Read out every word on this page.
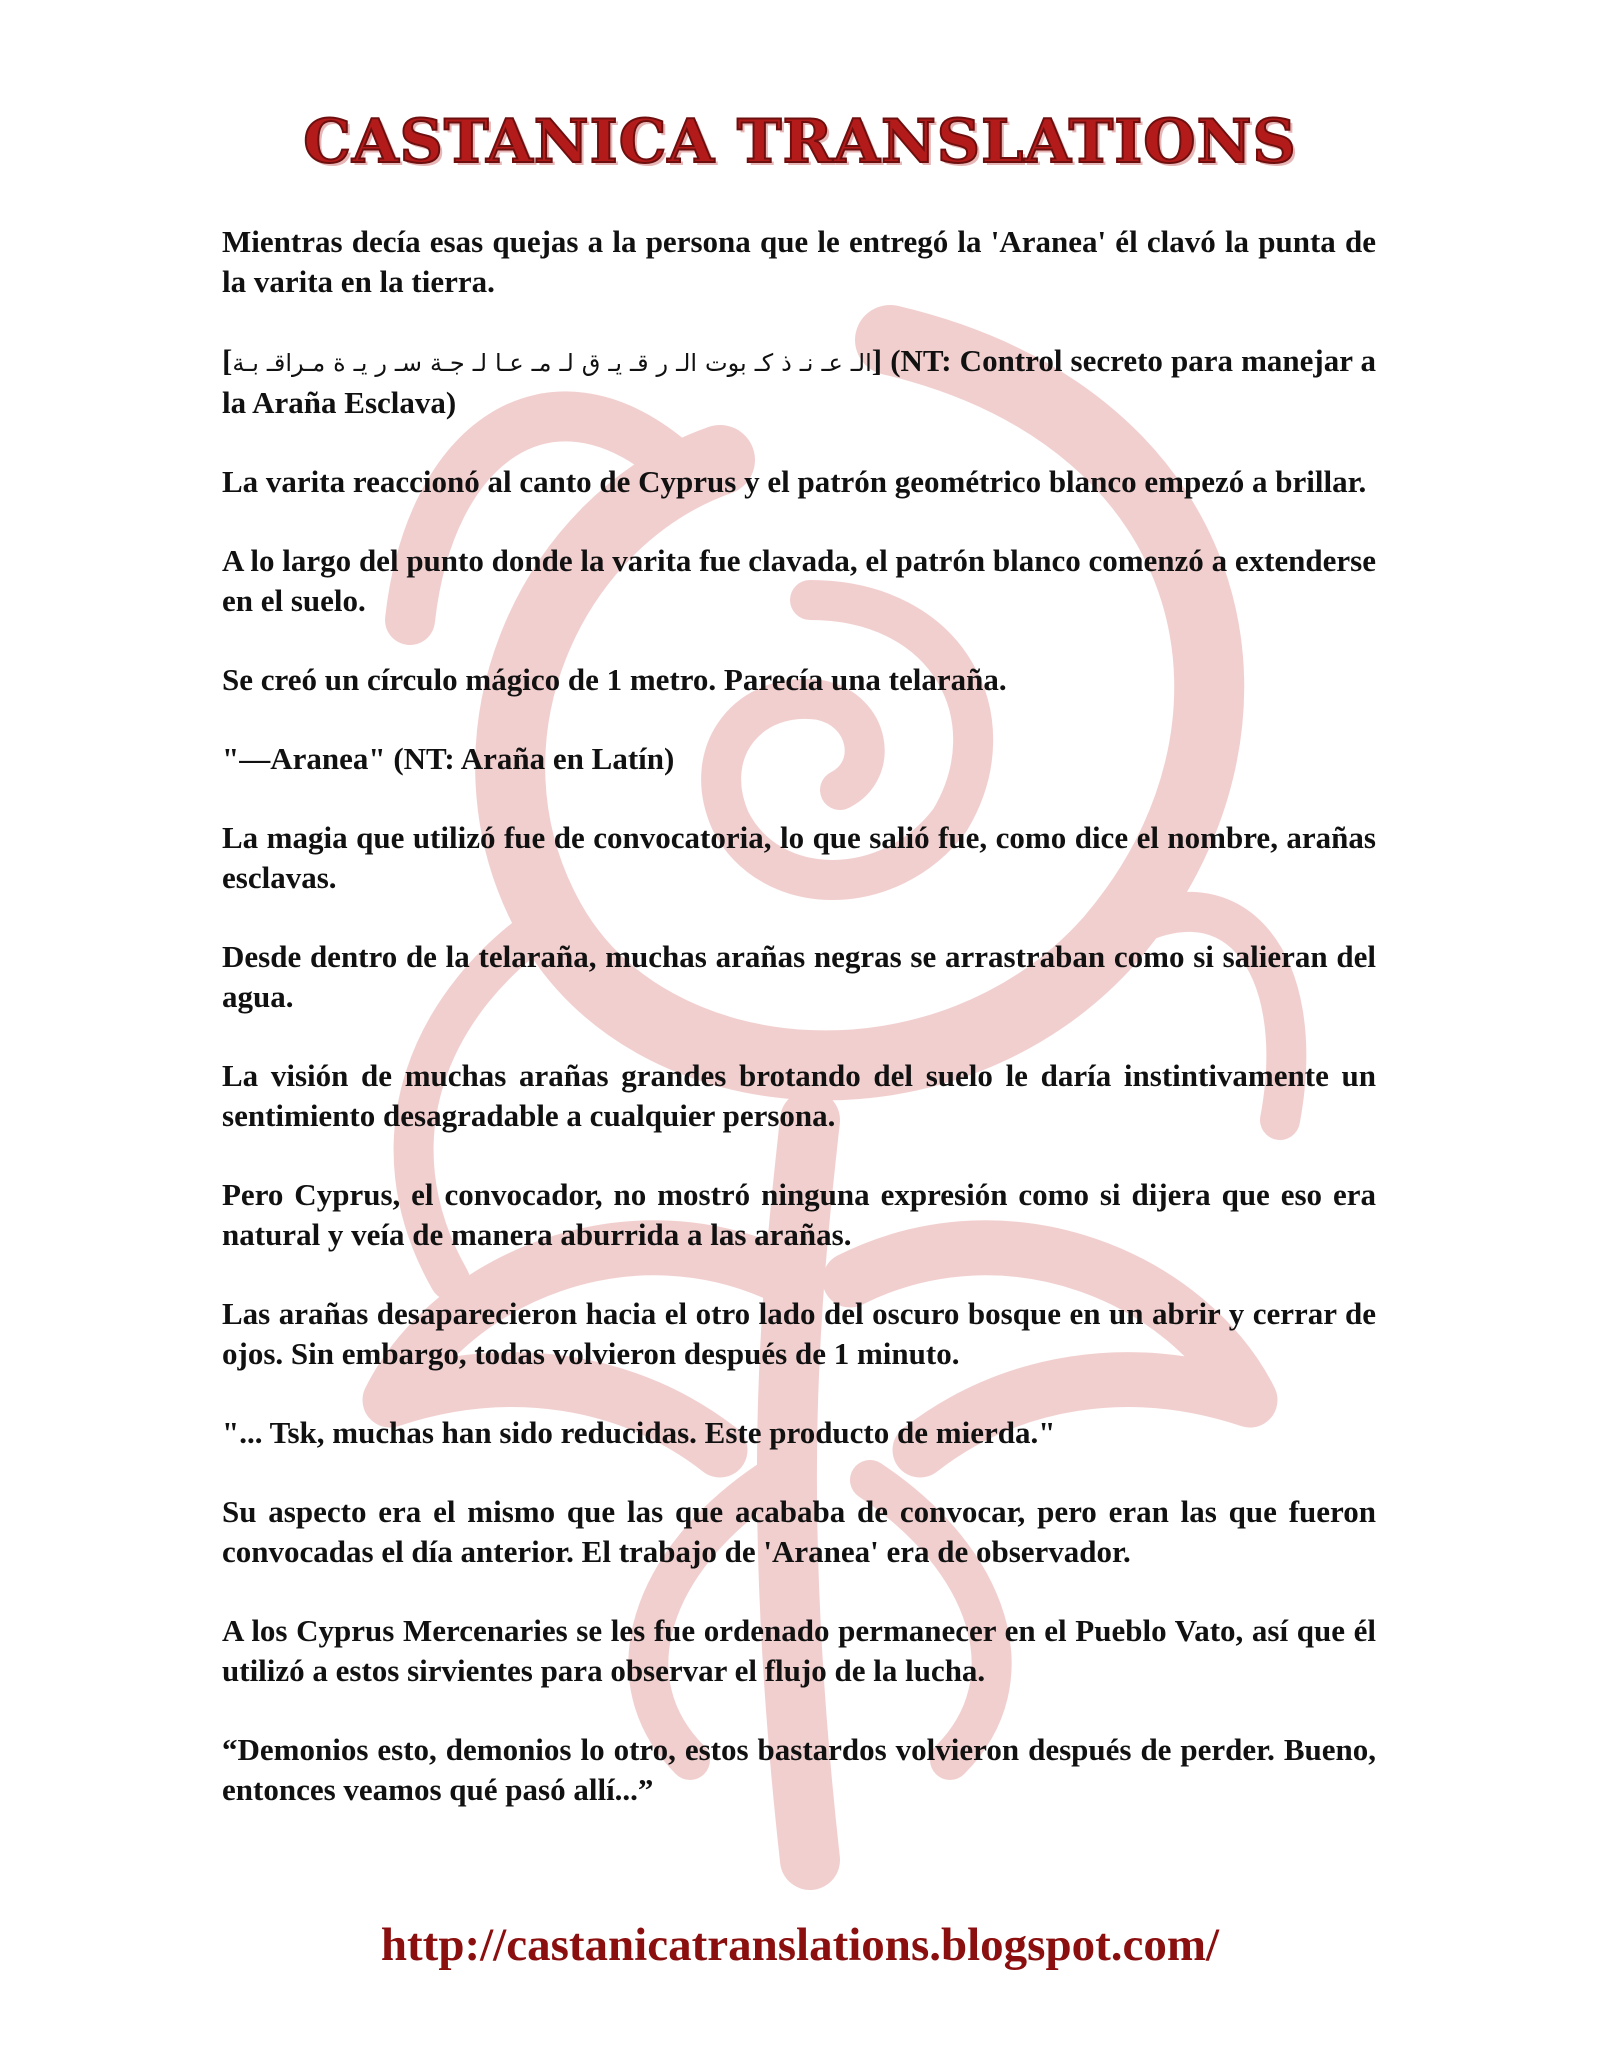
CASTANICA TRANSLATIONS

Mientras decía esas quejas a la persona que le entregó la 'Aranea' él clavó la punta de la varita en la tierra.

[الـ عـ نـ ذ كـ بوت الـ ر قـ يـ ق لـ مـ عـا لـ جـة سـ ر يـ ة مـراقـ بـة] (NT: Control secreto para manejar a la Araña Esclava)

La varita reaccionó al canto de Cyprus y el patrón geométrico blanco empezó a brillar.

A lo largo del punto donde la varita fue clavada, el patrón blanco comenzó a extenderse en el suelo.

Se creó un círculo mágico de 1 metro. Parecía una telaraña.

"—Aranea" (NT: Araña en Latín)

La magia que utilizó fue de convocatoria, lo que salió fue, como dice el nombre, arañas esclavas.

Desde dentro de la telaraña, muchas arañas negras se arrastraban como si salieran del agua.

La visión de muchas arañas grandes brotando del suelo le daría instintivamente un sentimiento desagradable a cualquier persona.

Pero Cyprus, el convocador, no mostró ninguna expresión como si dijera que eso era natural y veía de manera aburrida a las arañas.

Las arañas desaparecieron hacia el otro lado del oscuro bosque en un abrir y cerrar de ojos. Sin embargo, todas volvieron después de 1 minuto.

"... Tsk, muchas han sido reducidas. Este producto de mierda."

Su aspecto era el mismo que las que acababa de convocar, pero eran las que fueron convocadas el día anterior. El trabajo de 'Aranea' era de observador.

A los Cyprus Mercenaries se les fue ordenado permanecer en el Pueblo Vato, así que él utilizó a estos sirvientes para observar el flujo de la lucha.

“Demonios esto, demonios lo otro, estos bastardos volvieron después de perder. Bueno, entonces veamos qué pasó allí...”

http://castanicatranslations.blogspot.com/
